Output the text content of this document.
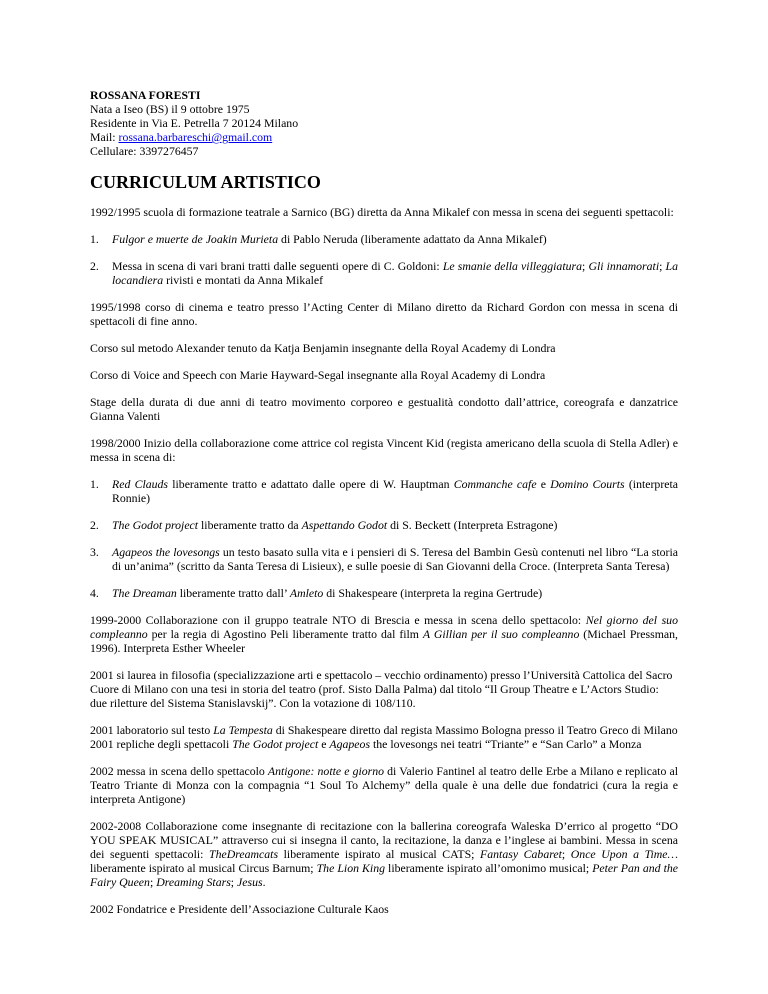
ROSSANA FORESTI
Nata a Iseo (BS) il 9 ottobre 1975
Residente in Via E. Petrella 7 20124 Milano
Mail: rossana.barbareschi@gmail.com
Cellulare: 3397276457
CURRICULUM ARTISTICO

1992/1995 scuola di formazione teatrale a Sarnico (BG) diretta da Anna Mikalef con messa in scena dei seguenti spettacoli:

1.	Fulgor e muerte de Joakin Murieta di Pablo Neruda (liberamente adattato da Anna Mikalef)
2.	Messa in scena di vari brani tratti dalle seguenti opere di C. Goldoni: Le smanie della villeggiatura; Gli innamorati; La locandiera rivisti e montati da Anna Mikalef

1995/1998 corso di cinema e teatro presso l’Acting Center di Milano diretto da Richard Gordon con messa in scena di spettacoli di fine anno.

Corso sul metodo Alexander tenuto da Katja Benjamin insegnante della Royal Academy di Londra

Corso di Voice and Speech con Marie Hayward-Segal insegnante alla Royal Academy di Londra

Stage della durata di due anni di teatro movimento corporeo e gestualità condotto dall’attrice, coreografa e danzatrice Gianna Valenti

1998/2000 Inizio della collaborazione come attrice col regista Vincent Kid (regista americano della scuola di Stella Adler) e messa in scena di:

1.	Red Clauds liberamente tratto e adattato dalle opere di W. Hauptman Commanche cafe e Domino Courts (interpreta Ronnie)
2.	The Godot project liberamente tratto da Aspettando Godot di S. Beckett (Interpreta Estragone)
3.	Agapeos the lovesongs un testo basato sulla vita e i pensieri di S. Teresa del Bambin Gesù contenuti nel libro “La storia di un’anima” (scritto da Santa Teresa di Lisieux), e sulle poesie di San Giovanni della Croce. (Interpreta Santa Teresa)
4.	The Dreaman liberamente tratto dall’ Amleto di Shakespeare (interpreta la regina Gertrude)

1999-2000 Collaborazione con il gruppo teatrale NTO di Brescia e messa in scena dello spettacolo: Nel giorno del suo compleanno per la regia di Agostino Peli liberamente tratto dal film A Gillian per il suo compleanno (Michael Pressman, 1996). Interpreta Esther Wheeler

2001 si laurea in filosofia (specializzazione arti e spettacolo – vecchio ordinamento) presso l’Università Cattolica del Sacro Cuore di Milano con una tesi in storia del teatro (prof. Sisto Dalla Palma) dal titolo “Il Group Theatre e L’Actors Studio: due riletture del Sistema Stanislavskij”. Con la votazione di 108/110.

2001 laboratorio sul testo La Tempesta di Shakespeare diretto dal regista Massimo Bologna presso il Teatro Greco di Milano

2001 repliche degli spettacoli The Godot project e Agapeos the lovesongs nei teatri “Triante” e “San Carlo” a Monza

2002 messa in scena dello spettacolo Antigone: notte e giorno di Valerio Fantinel al teatro delle Erbe a Milano e replicato al Teatro Triante di Monza con la compagnia “1 Soul To Alchemy” della quale è una delle due fondatrici (cura la regia e interpreta Antigone)

2002-2008 Collaborazione come insegnante di recitazione con la ballerina coreografa Waleska D’errico al progetto “DO YOU SPEAK MUSICAL” attraverso cui si insegna il canto, la recitazione, la danza e l’inglese ai bambini. Messa in scena dei seguenti spettacoli: TheDreamcats liberamente ispirato al musical CATS; Fantasy Cabaret; Once Upon a Time… liberamente ispirato al musical Circus Barnum; The Lion King liberamente ispirato all’omonimo musical; Peter Pan and the Fairy Queen; Dreaming Stars; Jesus.

2002 Fondatrice e Presidente dell’Associazione Culturale Kaos
